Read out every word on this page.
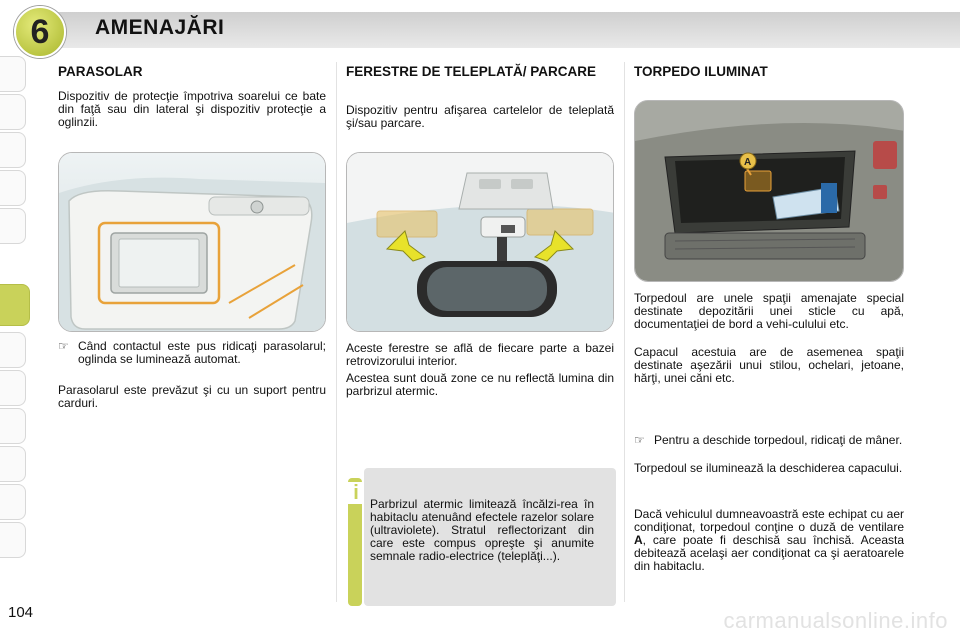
6	AMENAJĂRI
PARASOLAR

Dispozitiv de protecţie împotriva soarelui ce bate din faţă sau din lateral şi dispozitiv protecţie a oglinzii.

☞ Când contactul este pus ridicaţi parasolarul; oglinda se luminează automat.

Parasolarul este prevăzut şi cu un suport pentru carduri.

FERESTRE DE TELEPLATĂ/ PARCARE

Dispozitiv pentru afişarea cartelelor de teleplată şi/sau parcare.

Aceste ferestre se află de fiecare parte a bazei retrovizorului interior.

Acestea sunt două zone ce nu reflectă lumina din parbrizul atermic.

i Parbrizul atermic limitează încălzi-rea în habitaclu atenuând efectele razelor solare (ultraviolete). Stratul reflectorizant din care este compus opreşte şi anumite semnale radio-electrice (teleplăţi...).

TORPEDO ILUMINAT
A

Torpedoul are unele spaţii amenajate special destinate depozitării unei sticle cu apă, documentaţiei de bord a vehi-culului etc.

Capacul acestuia are de asemenea spaţii destinate aşezării unui stilou, ochelari, jetoane, hărţi, unei căni etc.

☞ Pentru a deschide torpedoul, ridicaţi de mâner.

Torpedoul se iluminează la deschiderea capacului.

Dacă vehiculul dumneavoastră este echipat cu aer condiţionat, torpedoul conţine o duză de ventilare A, care poate fi deschisă sau închisă. Aceasta debitează acelaşi aer condiţionat ca şi aeratoarele din habitaclu.

104	carmanualsonline.info
